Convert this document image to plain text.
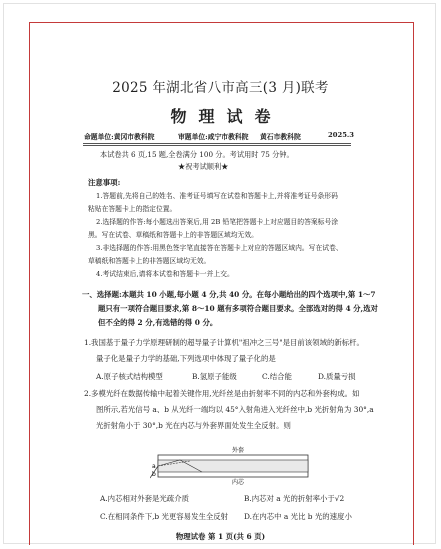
2025 年湖北省八市高三(3 月)联考
物理试卷
命题单位:黄冈市教科院	审题单位:咸宁市教科院 黄石市教科院	2025.3
本试卷共 6 页,15 题,全卷满分 100 分。考试用时 75 分钟。
★祝考试顺利★
注意事项:
1.答题前,先将自己的姓名、准考证号填写在试卷和答题卡上,并将准考证号条形码
粘贴在答题卡上的指定位置。
2.选择题的作答:每小题选出答案后,用 2B 铅笔把答题卡上对应题目的答案标号涂
黑。写在试卷、草稿纸和答题卡上的非答题区域均无效。
3.非选择题的作答:用黑色签字笔直接答在答题卡上对应的答题区域内。写在试卷、
草稿纸和答题卡上的非答题区域均无效。
4.考试结束后,请将本试卷和答题卡一并上交。
一、选择题:本题共 10 小题,每小题 4 分,共 40 分。在每小题给出的四个选项中,第 1～7
题只有一项符合题目要求,第 8～10 题有多项符合题目要求。全部选对的得 4 分,选对
但不全的得 2 分,有选错的得 0 分。
1.我国基于量子力学原理研制的超导量子计算机"祖冲之三号"是目前该领域的新标杆。
量子化是量子力学的基础,下列选项中体现了量子化的是
A.原子核式结构模型	B.氢原子能级	C.结合能	D.质量亏损
2.多模光纤在数据传输中起着关键作用,光纤丝是由折射率不同的内芯和外套构成。如
图所示,若光信号 a、b 从光纤一端均以 45°入射角进入光纤丝中,b 光折射角为 30°,a
光折射角小于 30°,b 光在内芯与外套界面处发生全反射。则
外套
a
b
内芯
A.内芯相对外套是光疏介质	B.内芯对 a 光的折射率小于√2
C.在相同条件下,b 光更容易发生全反射 D.在内芯中 a 光比 b 光的速度小
物理试卷 第 1 页(共 6 页)
